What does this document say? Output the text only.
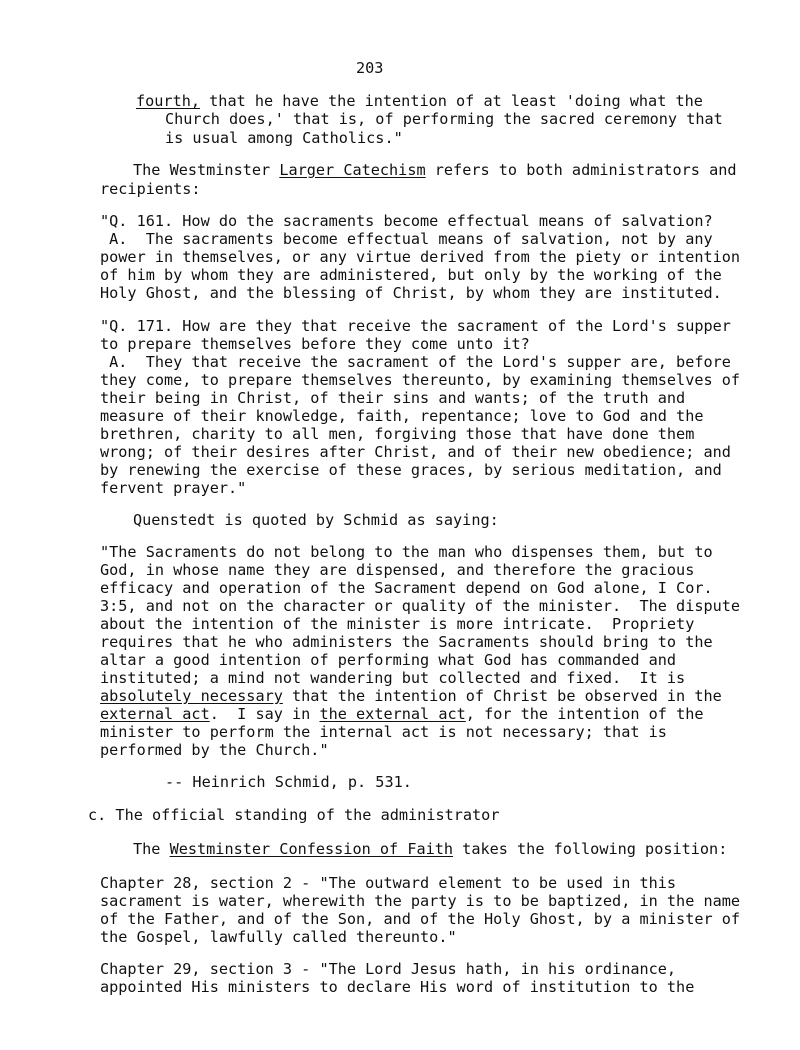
203
fourth, that he have the intention of at least 'doing what the
Church does,' that is, of performing the sacred ceremony that
is usual among Catholics."
The Westminster Larger Catechism refers to both administrators and
recipients:
"Q. 161. How do the sacraments become effectual means of salvation?
A.  The sacraments become effectual means of salvation, not by any
power in themselves, or any virtue derived from the piety or intention
of him by whom they are administered, but only by the working of the
Holy Ghost, and the blessing of Christ, by whom they are instituted.
"Q. 171. How are they that receive the sacrament of the Lord's supper
to prepare themselves before they come unto it?
A.  They that receive the sacrament of the Lord's supper are, before
they come, to prepare themselves thereunto, by examining themselves of
their being in Christ, of their sins and wants; of the truth and
measure of their knowledge, faith, repentance; love to God and the
brethren, charity to all men, forgiving those that have done them
wrong; of their desires after Christ, and of their new obedience; and
by renewing the exercise of these graces, by serious meditation, and
fervent prayer."
Quenstedt is quoted by Schmid as saying:
"The Sacraments do not belong to the man who dispenses them, but to
God, in whose name they are dispensed, and therefore the gracious
efficacy and operation of the Sacrament depend on God alone, I Cor.
3:5, and not on the character or quality of the minister.  The dispute
about the intention of the minister is more intricate.  Propriety
requires that he who administers the Sacraments should bring to the
altar a good intention of performing what God has commanded and
instituted; a mind not wandering but collected and fixed.  It is
absolutely necessary that the intention of Christ be observed in the
external act.  I say in the external act, for the intention of the
minister to perform the internal act is not necessary; that is
performed by the Church."
-- Heinrich Schmid, p. 531.
c. The official standing of the administrator
The Westminster Confession of Faith takes the following position:
Chapter 28, section 2 - "The outward element to be used in this
sacrament is water, wherewith the party is to be baptized, in the name
of the Father, and of the Son, and of the Holy Ghost, by a minister of
the Gospel, lawfully called thereunto."
Chapter 29, section 3 - "The Lord Jesus hath, in his ordinance,
appointed His ministers to declare His word of institution to the
